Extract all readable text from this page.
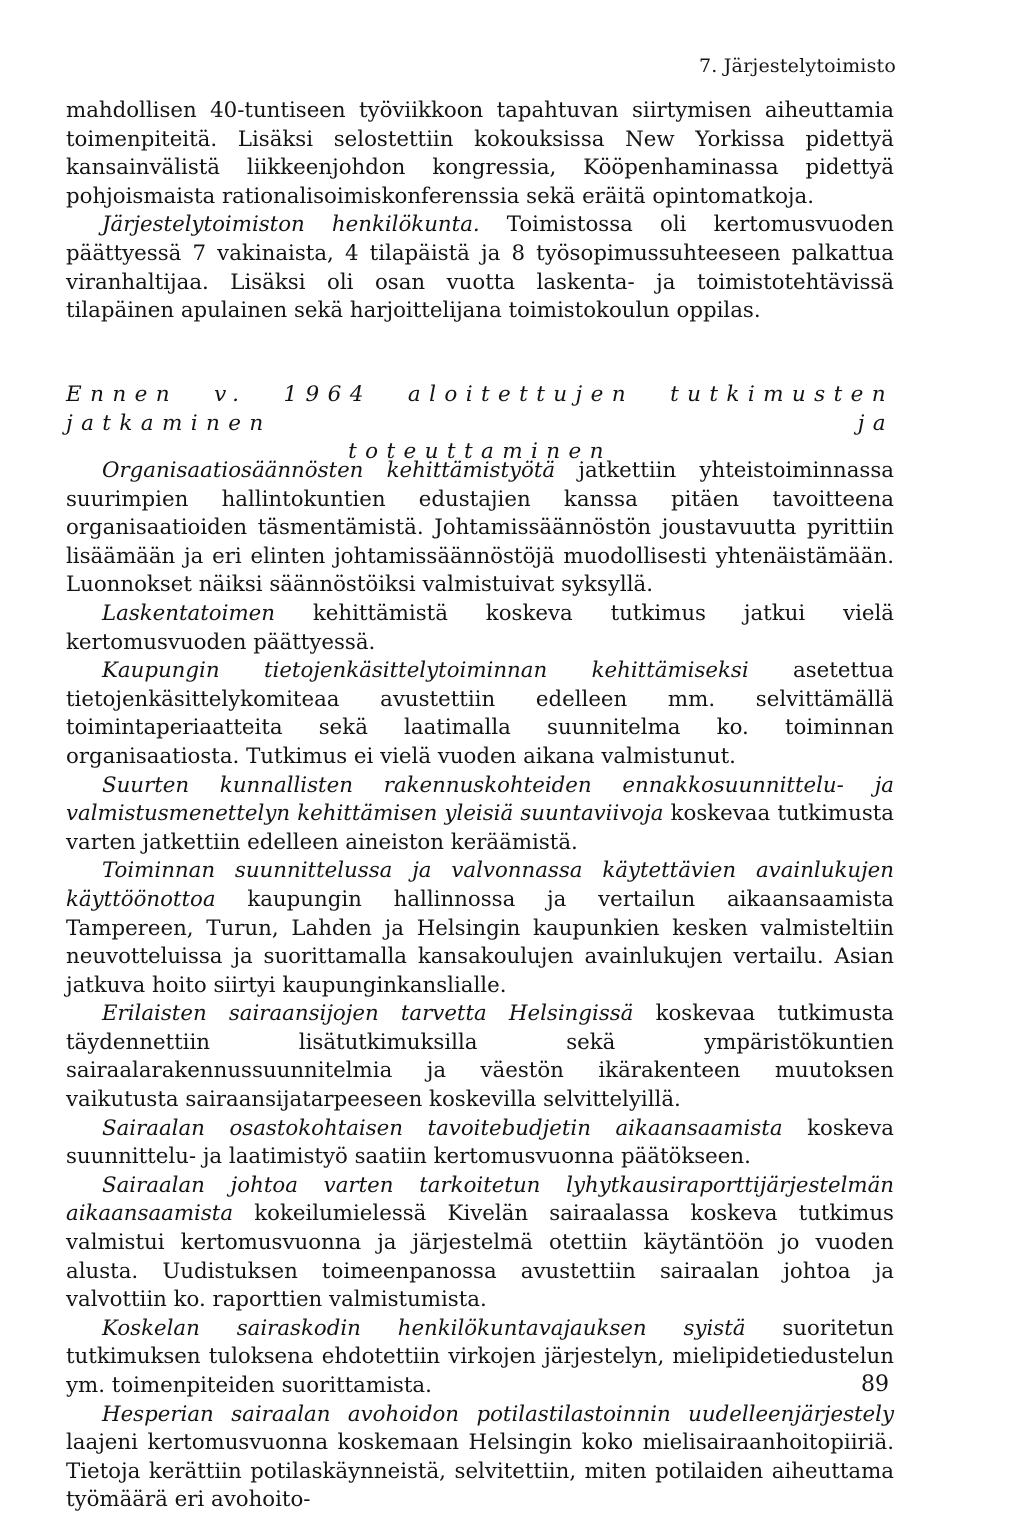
7. Järjestelytoimisto

mahdollisen 40-tuntiseen työviikkoon tapahtuvan siirtymisen aiheuttamia toimenpiteitä. Lisäksi selostettiin kokouksissa New Yorkissa pidettyä kansainvälistä liikkeenjohdon kongressia, Kööpenhaminassa pidettyä pohjoismaista rationalisoimiskonferenssia sekä eräitä opintomatkoja.

Järjestelytoimiston henkilökunta. Toimistossa oli kertomusvuoden päättyessä 7 vakinaista, 4 tilapäistä ja 8 työsopimussuhteeseen palkattua viranhaltijaa. Lisäksi oli osan vuotta laskenta- ja toimistotehtävissä tilapäinen apulainen sekä harjoittelijana toimistokoulun oppilas.

Ennen v. 1964 aloitettujen tutkimusten jatkaminen ja
toteuttaminen

Organisaatiosäännösten kehittämistyötä jatkettiin yhteistoiminnassa suurimpien hallintokuntien edustajien kanssa pitäen tavoitteena organisaatioiden täsmentämistä. Johtamissäännöstön joustavuutta pyrittiin lisäämään ja eri elinten johtamissäännöstöjä muodollisesti yhtenäistämään. Luonnokset näiksi säännöstöiksi valmistuivat syksyllä.

Laskentatoimen kehittämistä koskeva tutkimus jatkui vielä kertomusvuoden päättyessä.

Kaupungin tietojenkäsittelytoiminnan kehittämiseksi asetettua tietojenkäsittelykomiteaa avustettiin edelleen mm. selvittämällä toimintaperiaatteita sekä laatimalla suunnitelma ko. toiminnan organisaatiosta. Tutkimus ei vielä vuoden aikana valmistunut.

Suurten kunnallisten rakennuskohteiden ennakkosuunnittelu- ja valmistusmenettelyn kehittämisen yleisiä suuntaviivoja koskevaa tutkimusta varten jatkettiin edelleen aineiston keräämistä.

Toiminnan suunnittelussa ja valvonnassa käytettävien avainlukujen käyttöönottoa kaupungin hallinnossa ja vertailun aikaansaamista Tampereen, Turun, Lahden ja Helsingin kaupunkien kesken valmisteltiin neuvotteluissa ja suorittamalla kansakoulujen avainlukujen vertailu. Asian jatkuva hoito siirtyi kaupunginkanslialle.

Erilaisten sairaansijojen tarvetta Helsingissä koskevaa tutkimusta täydennettiin lisätutkimuksilla sekä ympäristökuntien sairaalarakennussuunnitelmia ja väestön ikärakenteen muutoksen vaikutusta sairaansijatarpeeseen koskevilla selvittelyillä.

Sairaalan osastokohtaisen tavoitebudjetin aikaansaamista koskeva suunnittelu- ja laatimistyö saatiin kertomusvuonna päätökseen.

Sairaalan johtoa varten tarkoitetun lyhytkausiraporttijärjestelmän aikaansaamista kokeilumielessä Kivelän sairaalassa koskeva tutkimus valmistui kertomusvuonna ja järjestelmä otettiin käytäntöön jo vuoden alusta. Uudistuksen toimeenpanossa avustettiin sairaalan johtoa ja valvottiin ko. raporttien valmistumista.

Koskelan sairaskodin henkilökuntavajauksen syistä suoritetun tutkimuksen tuloksena ehdotettiin virkojen järjestelyn, mielipidetiedustelun ym. toimenpiteiden suorittamista.

Hesperian sairaalan avohoidon potilastilastoinnin uudelleenjärjestely laajeni kertomusvuonna koskemaan Helsingin koko mielisairaanhoitopiiriä. Tietoja kerättiin potilaskäynneistä, selvitettiin, miten potilaiden aiheuttama työmäärä eri avohoito-

89
